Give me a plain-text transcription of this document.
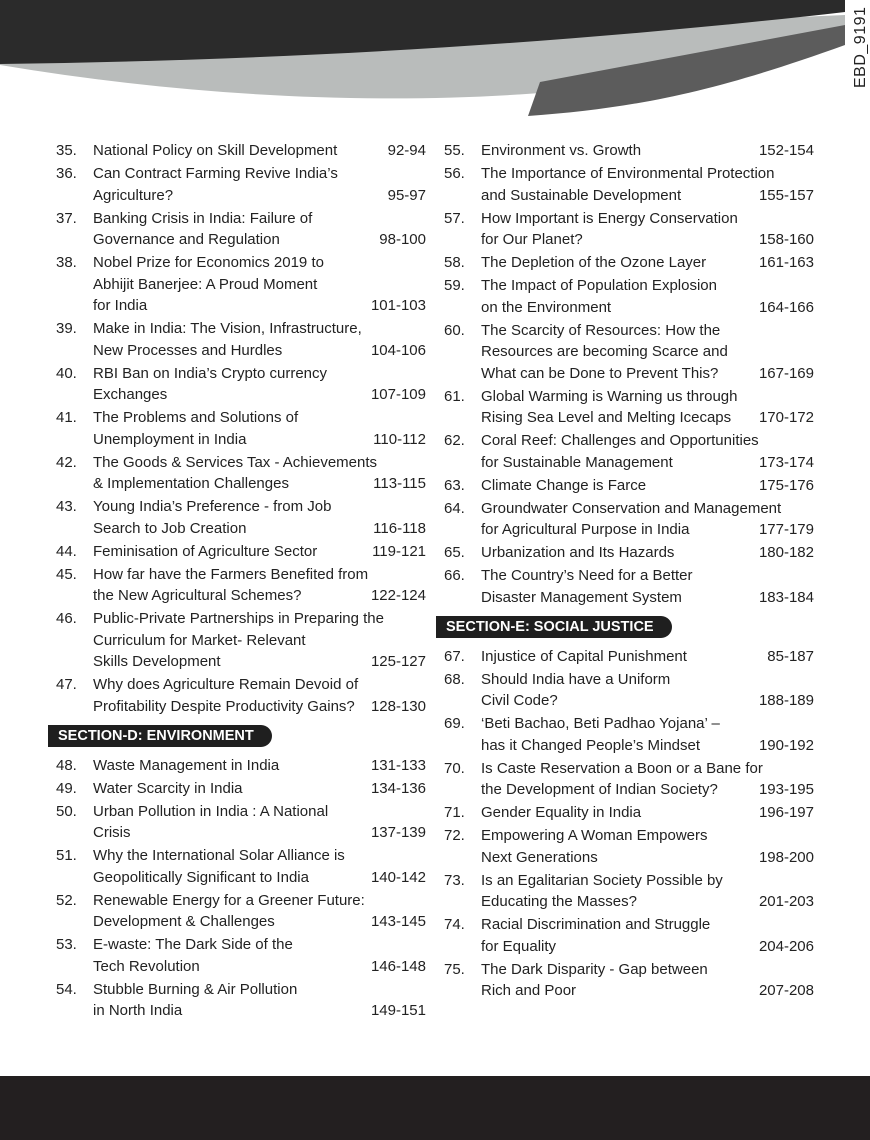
EBD_9191
35. National Policy on Skill Development	92-94
36. Can Contract Farming Revive India’s
Agriculture?	95-97
37. Banking Crisis in India: Failure of
Governance and Regulation	98-100
38. Nobel Prize for Economics 2019 to
Abhijit Banerjee: A Proud Moment
for India	101-103
39. Make in India: The Vision, Infrastructure,
New Processes and Hurdles	104-106
40. RBI Ban on India’s Crypto currency
Exchanges	107-109
41. The Problems and Solutions of
Unemployment in India	110-112
42. The Goods & Services Tax - Achievements
& Implementation Challenges	113-115
43. Young India’s Preference - from Job
Search to Job Creation	116-118
44. Feminisation of Agriculture Sector	119-121
45. How far have the Farmers Benefited from
the New Agricultural Schemes?	122-124
46. Public-Private Partnerships in Preparing the
Curriculum for Market- Relevant
Skills Development	125-127
47. Why does Agriculture Remain Devoid of
Profitability Despite Productivity Gains?	128-130
SECTION-D: ENVIRONMENT
48. Waste Management in India	131-133
49. Water Scarcity in India	134-136
50. Urban Pollution in India : A National
Crisis	137-139
51. Why the International Solar Alliance is
Geopolitically Significant to India	140-142
52. Renewable Energy for a Greener Future:
Development & Challenges	143-145
53. E-waste: The Dark Side of the
Tech Revolution	146-148
54. Stubble Burning & Air Pollution
in North India	149-151
55. Environment vs. Growth	152-154
56. The Importance of Environmental Protection
and Sustainable Development	155-157
57. How Important is Energy Conservation
for Our Planet?	158-160
58. The Depletion of the Ozone Layer	161-163
59. The Impact of Population Explosion
on the Environment	164-166
60. The Scarcity of Resources: How the
Resources are becoming Scarce and
What can be Done to Prevent This?	167-169
61. Global Warming is Warning us through
Rising Sea Level and Melting Icecaps	170-172
62. Coral Reef: Challenges and Opportunities
for Sustainable Management	173-174
63. Climate Change is Farce	175-176
64. Groundwater Conservation and Management
for Agricultural Purpose in India	177-179
65. Urbanization and Its Hazards	180-182
66. The Country’s Need for a Better
Disaster Management System	183-184
SECTION-E: SOCIAL JUSTICE
67. Injustice of Capital Punishment	85-187
68. Should India have a Uniform
Civil Code?	188-189
69. ‘Beti Bachao, Beti Padhao Yojana’ –
has it Changed People’s Mindset	190-192
70. Is Caste Reservation a Boon or a Bane for
the Development of Indian Society?	193-195
71. Gender Equality in India	196-197
72. Empowering A Woman Empowers
Next Generations	198-200
73. Is an Egalitarian Society Possible by
Educating the Masses?	201-203
74. Racial Discrimination and Struggle
for Equality	204-206
75. The Dark Disparity - Gap between
Rich and Poor	207-208
